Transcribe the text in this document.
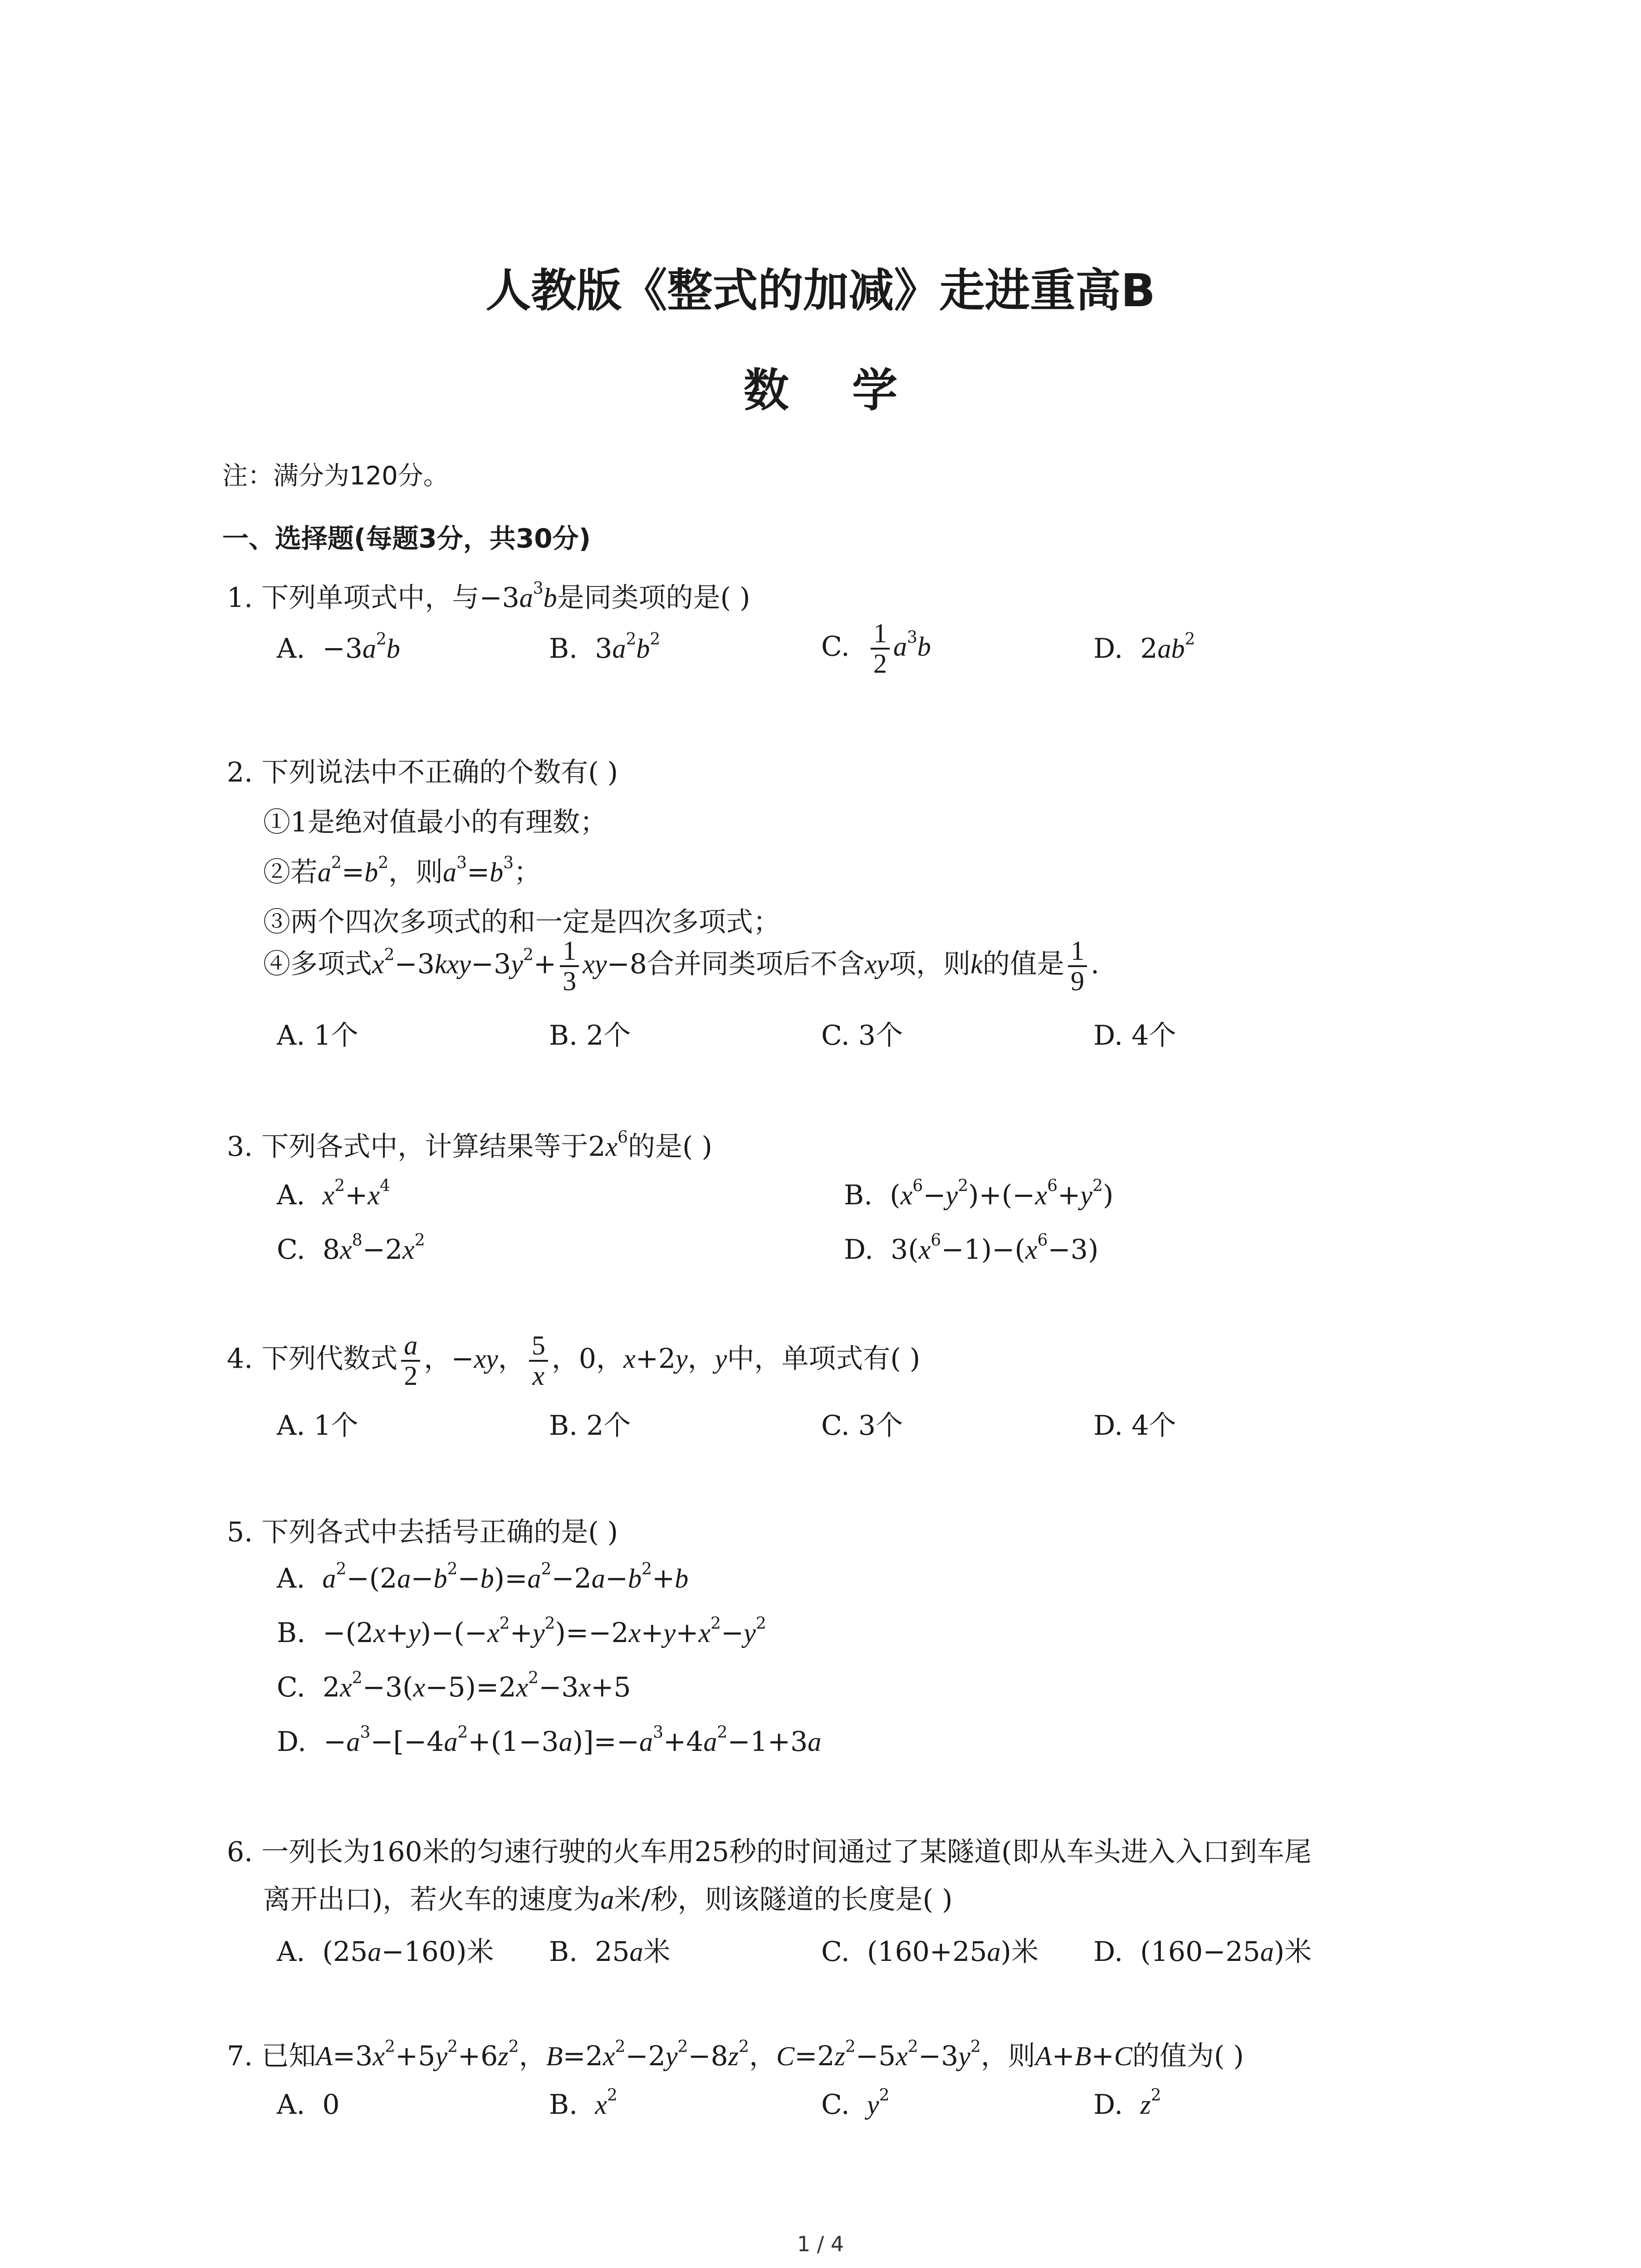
人教版《整式的加减》走进重高B
数    学
注：满分为120分。
一、选择题(每题3分，共30分)
1. 下列单项式中，与$-3a^3b$是同类项的是( )
A.  $-3a^2b$	B.  $3a^2b^2$	C. $\frac{1}{2} a^3b$	D.  $2ab^2$
2. 下列说法中不正确的个数有( )
①1是绝对值最小的有理数；
②若$a^2=b^2$，则$a^3=b^3$；
③两个四次多项式的和一定是四次多项式；
④多项式$x^2-3kxy-3y^2+ \frac{1}{3} xy-8$合并同类项后不含xy项，则k的值是 $\frac{1}{9}$ .
A. 1个	B. 2个	C. 3个	D. 4个
3. 下列各式中，计算结果等于$2x^6$的是( )
A.  $x^2+x^4$	B.  $(x^6-y^2)+(-x^6+y^2)$
C.  $8x^8-2x^2$	D.  $3(x^6-1)-(x^6-3)$
4. 下列代数式 $\frac{a}{2}$ ，−xy， $\frac{5}{x}$ ，0，x+2y，y中，单项式有( )
A. 1个	B. 2个	C. 3个	D. 4个
5. 下列各式中去括号正确的是( )
A.  $a^2-(2a-b^2-b)=a^2-2a-b^2+b$
B.  $-(2x+y)-(-x^2+y^2)=-2x+y+x^2-y^2$
C.  $2x^2-3(x-5)=2x^2-3x+5$
D.  $-a^3-[-4a^2+(1-3a)]=-a^3+4a^2-1+3a$
6. 一列长为160米的匀速行驶的火车用25秒的时间通过了某隧道(即从车头进入入口到车尾
离开出口)，若火车的速度为a米/秒，则该隧道的长度是( )
A.  (25a−160)米 B.  25a米	C.  (160+25a)米 D.  (160−25a)米
7. 已知$A=3x^2+5y^2+6z^2$，$B=2x^2-2y^2-8z^2$，$C=2z^2-5x^2-3y^2$，则A+B+C的值为( )
A.  0	B.  $x^2$	C.  $y^2$	D.  $z^2$
1 / 4
